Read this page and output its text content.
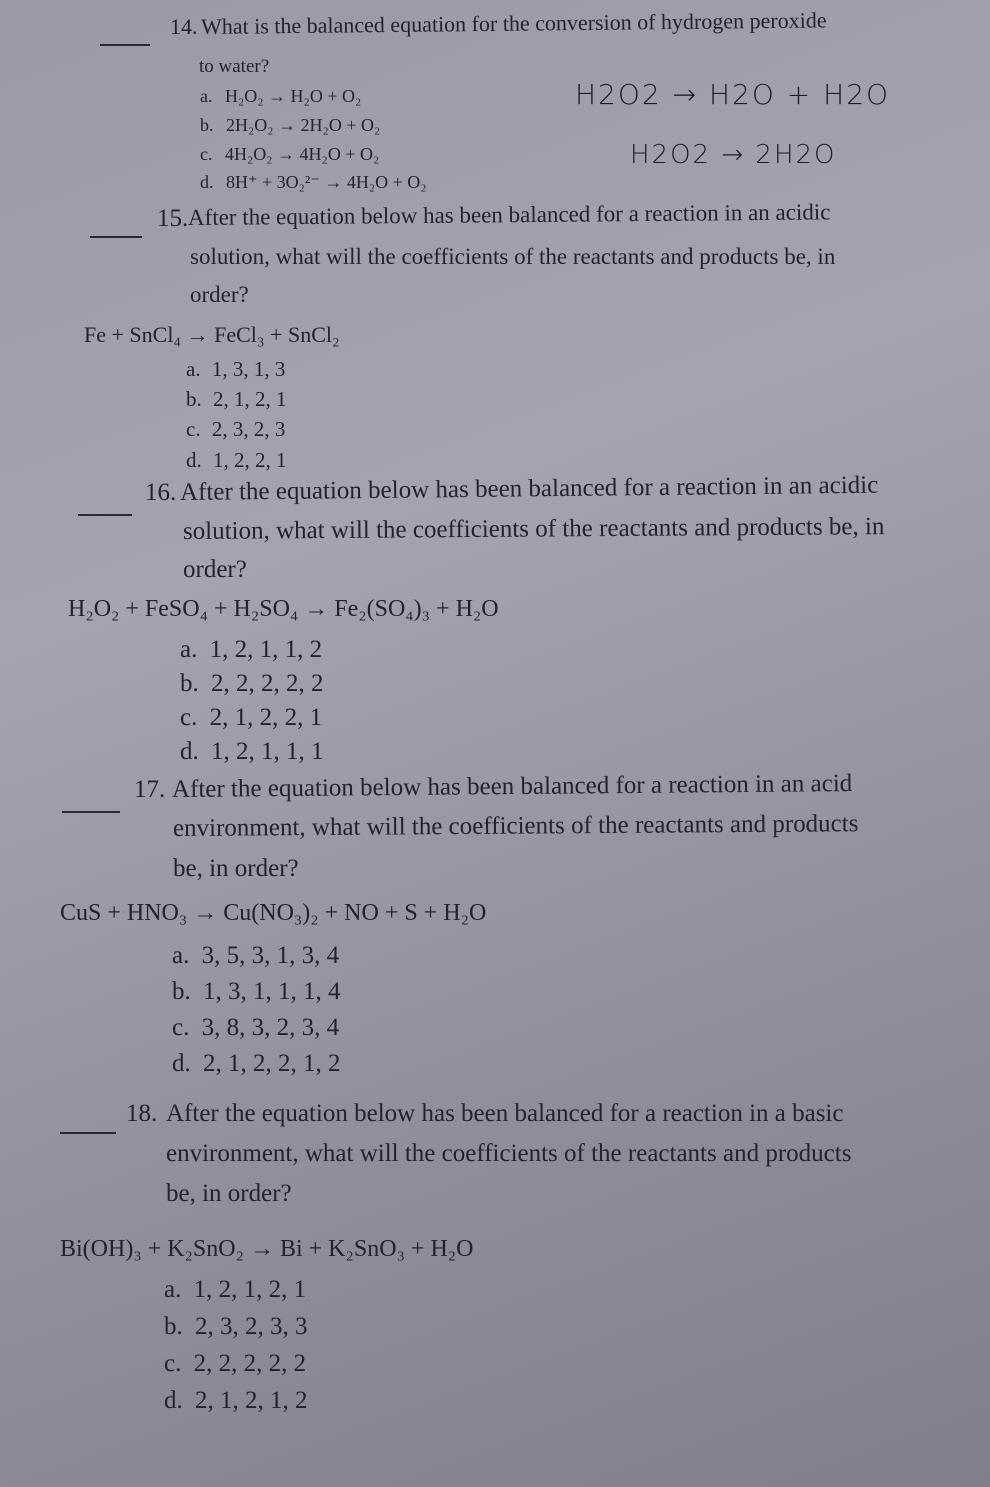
14. What is the balanced equation for the conversion of hydrogen peroxide
to water?
a. H₂O₂ → H₂O + O₂
b. 2H₂O₂ → 2H₂O + O₂
c. 4H₂O₂ → 4H₂O + O₂
d. 8H⁺ + 3O₂²⁻ → 4H₂O + O₂
H2O2 → H2O + H2O
H2O2 → 2H2O
15. After the equation below has been balanced for a reaction in an acidic
solution, what will the coefficients of the reactants and products be, in
order?
Fe + SnCl₄ → FeCl₃ + SnCl₂
a. 1, 3, 1, 3
b. 2, 1, 2, 1
c. 2, 3, 2, 3
d. 1, 2, 2, 1
16. After the equation below has been balanced for a reaction in an acidic
solution, what will the coefficients of the reactants and products be, in
order?
H₂O₂ + FeSO₄ + H₂SO₄ → Fe₂(SO₄)₃ + H₂O
a. 1, 2, 1, 1, 2
b. 2, 2, 2, 2, 2
c. 2, 1, 2, 2, 1
d. 1, 2, 1, 1, 1
17. After the equation below has been balanced for a reaction in an acid
environment, what will the coefficients of the reactants and products
be, in order?
CuS + HNO₃ → Cu(NO₃)₂ + NO + S + H₂O
a. 3, 5, 3, 1, 3, 4
b. 1, 3, 1, 1, 1, 4
c. 3, 8, 3, 2, 3, 4
d. 2, 1, 2, 2, 1, 2
18. After the equation below has been balanced for a reaction in a basic
environment, what will the coefficients of the reactants and products
be, in order?
Bi(OH)₃ + K₂SnO₂ → Bi + K₂SnO₃ + H₂O
a. 1, 2, 1, 2, 1
b. 2, 3, 2, 3, 3
c. 2, 2, 2, 2, 2
d. 2, 1, 2, 1, 2
